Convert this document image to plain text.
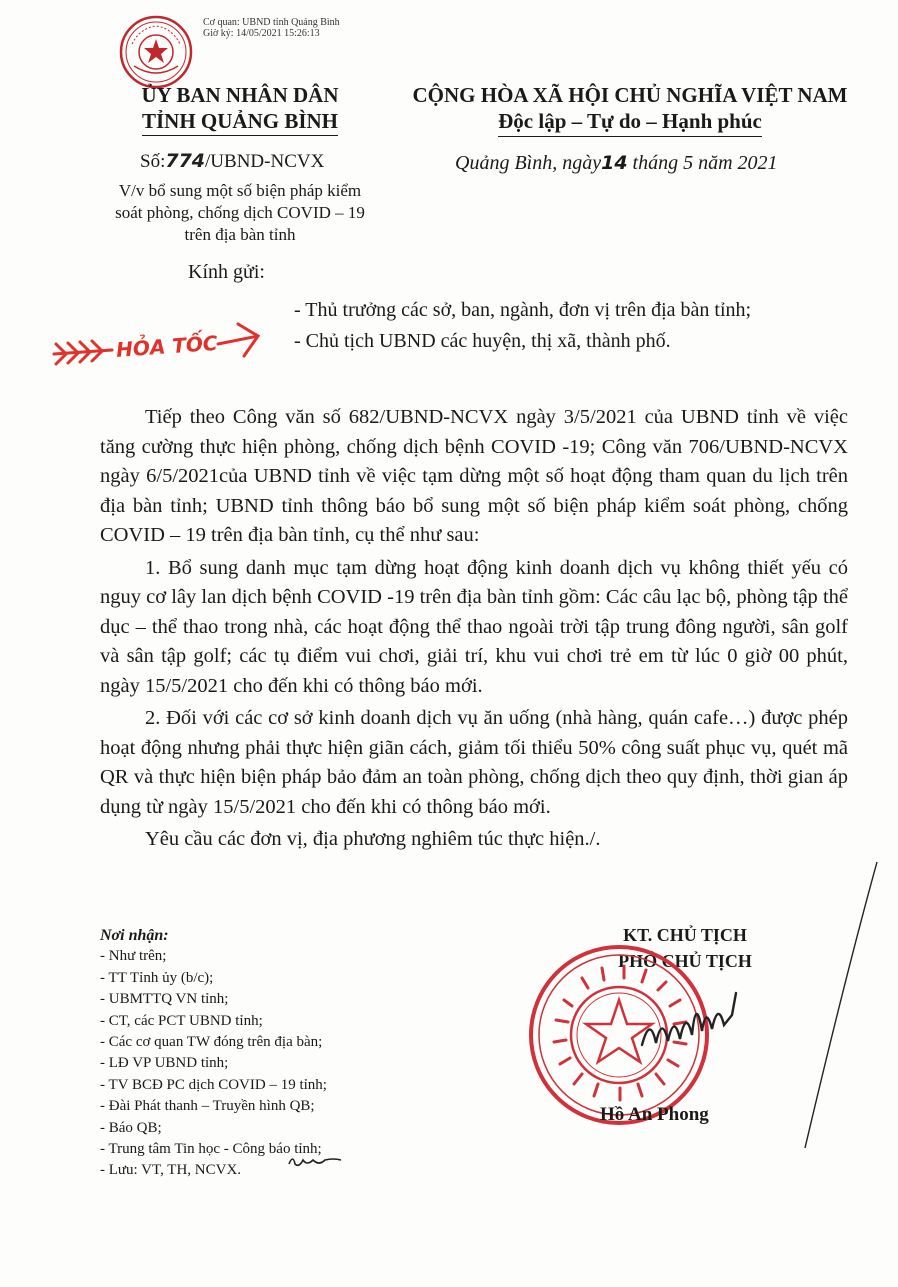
Cơ quan: UBND tỉnh Quảng Bình
Giờ ký: 14/05/2021 15:26:13
ỦY BAN NHÂN DÂN
TỈNH QUẢNG BÌNH
CỘNG HÒA XÃ HỘI CHỦ NGHĨA VIỆT NAM
Độc lập – Tự do – Hạnh phúc
Số:774/UBND-NCVX
V/v bổ sung một số biện pháp kiểm
soát phòng, chống dịch COVID – 19
trên địa bàn tỉnh
Quảng Bình, ngày14 tháng 5 năm 2021
Kính gửi:
- Thủ trưởng các sở, ban, ngành, đơn vị trên địa bàn tỉnh;
- Chủ tịch UBND các huyện, thị xã, thành phố.
HỎA TỐC

Tiếp theo Công văn số 682/UBND-NCVX ngày 3/5/2021 của UBND tỉnh về việc tăng cường thực hiện phòng, chống dịch bệnh COVID -19; Công văn 706/UBND-NCVX ngày 6/5/2021của UBND tỉnh về việc tạm dừng một số hoạt động tham quan du lịch trên địa bàn tỉnh; UBND tỉnh thông báo bổ sung một số biện pháp kiểm soát phòng, chống COVID – 19 trên địa bàn tỉnh, cụ thể như sau:

1. Bổ sung danh mục tạm dừng hoạt động kinh doanh dịch vụ không thiết yếu có nguy cơ lây lan dịch bệnh COVID -19 trên địa bàn tỉnh gồm: Các câu lạc bộ, phòng tập thể dục – thể thao trong nhà, các hoạt động thể thao ngoài trời tập trung đông người, sân golf và sân tập golf; các tụ điểm vui chơi, giải trí, khu vui chơi trẻ em từ lúc 0 giờ 00 phút, ngày 15/5/2021 cho đến khi có thông báo mới.

2. Đối với các cơ sở kinh doanh dịch vụ ăn uống (nhà hàng, quán cafe…) được phép hoạt động nhưng phải thực hiện giãn cách, giảm tối thiểu 50% công suất phục vụ, quét mã QR và thực hiện biện pháp bảo đảm an toàn phòng, chống dịch theo quy định, thời gian áp dụng từ ngày 15/5/2021 cho đến khi có thông báo mới.

Yêu cầu các đơn vị, địa phương nghiêm túc thực hiện./.

Nơi nhận:
- Như trên;
- TT Tỉnh ủy (b/c);
- UBMTTQ VN tỉnh;
- CT, các PCT UBND tỉnh;
- Các cơ quan TW đóng trên địa bàn;
- LĐ VP UBND tỉnh;
- TV BCĐ PC dịch COVID – 19 tỉnh;
- Đài Phát thanh – Truyền hình QB;
- Báo QB;
- Trung tâm Tin học - Công báo tỉnh;
- Lưu: VT, TH, NCVX.
KT. CHỦ TỊCH
PHÓ CHỦ TỊCH
Hồ An Phong
